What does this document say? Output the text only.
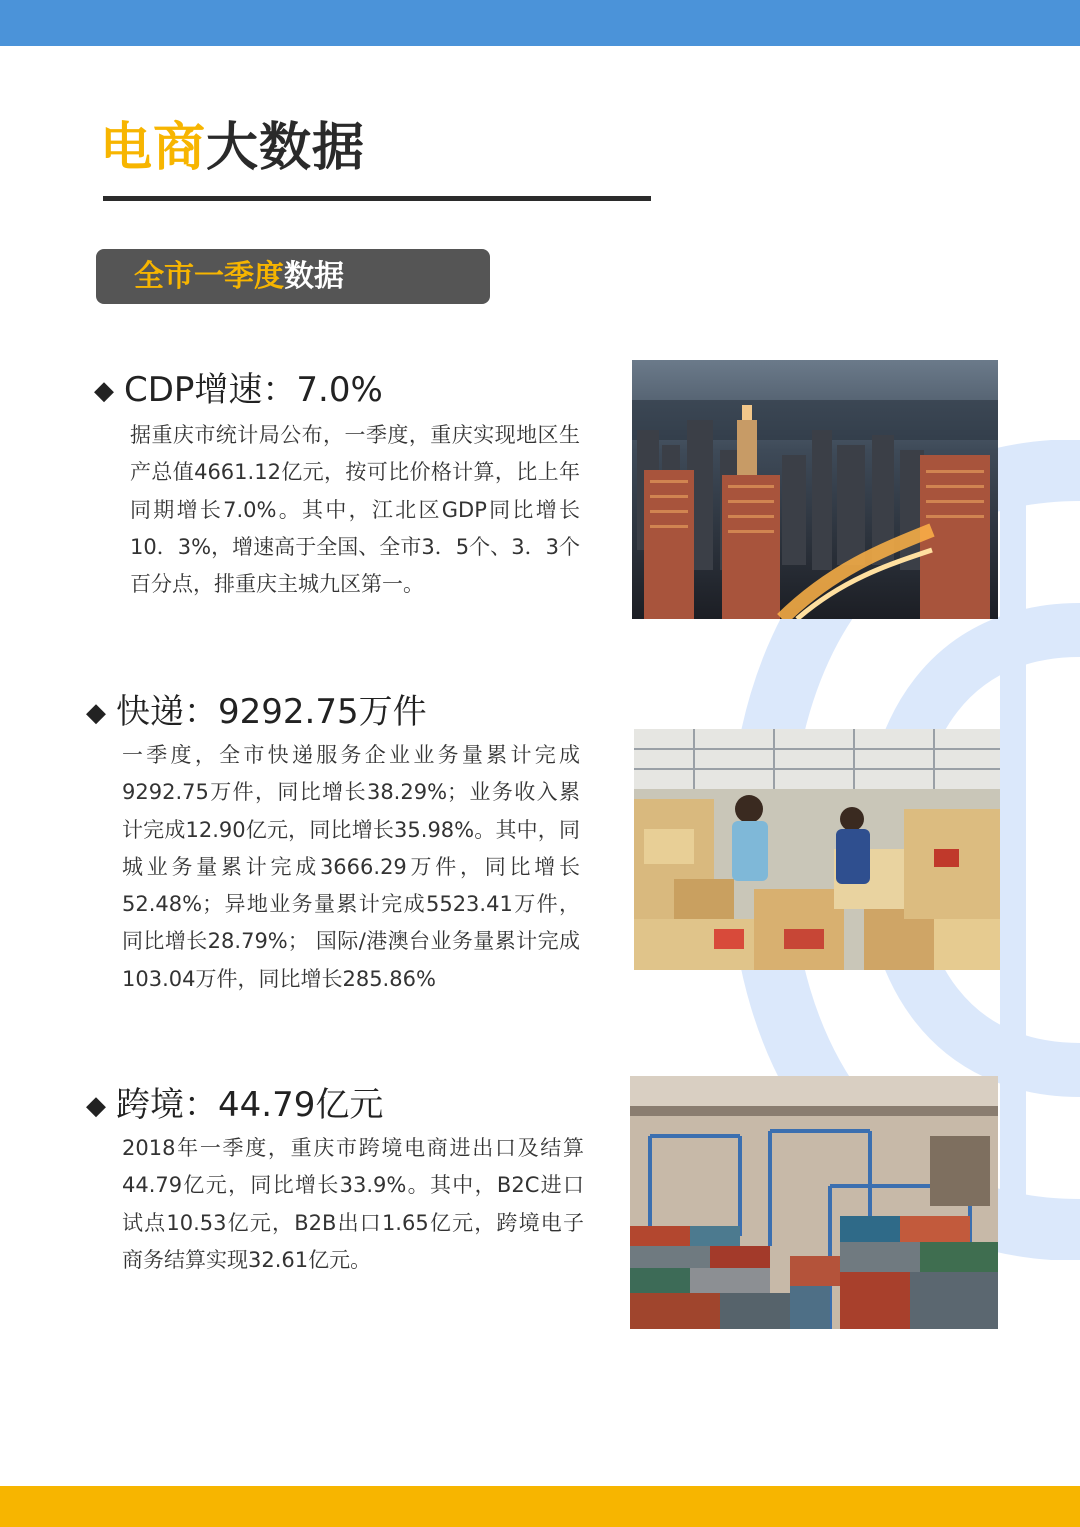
电商大数据
全市一季度数据
◆ CDP增速：7.0%

据重庆市统计局公布，一季度，重庆实现地区生产总值4661.12亿元，按可比价格计算，比上年同期增长7.0%。其中，江北区GDP同比增长10．3%，增速高于全国、全市3．5个、3．3个百分点，排重庆主城九区第一。

◆ 快递：9292.75万件

一季度，全市快递服务企业业务量累计完成9292.75万件，同比增长38.29%；业务收入累计完成12.90亿元，同比增长35.98%。其中，同城业务量累计完成3666.29万件，同比增长52.48%；异地业务量累计完成5523.41万件，同比增长28.79%； 国际/港澳台业务量累计完成103.04万件，同比增长285.86%

◆ 跨境：44.79亿元

2018年一季度，重庆市跨境电商进出口及结算44.79亿元，同比增长33.9%。其中，B2C进口试点10.53亿元，B2B出口1.65亿元，跨境电子商务结算实现32.61亿元。
